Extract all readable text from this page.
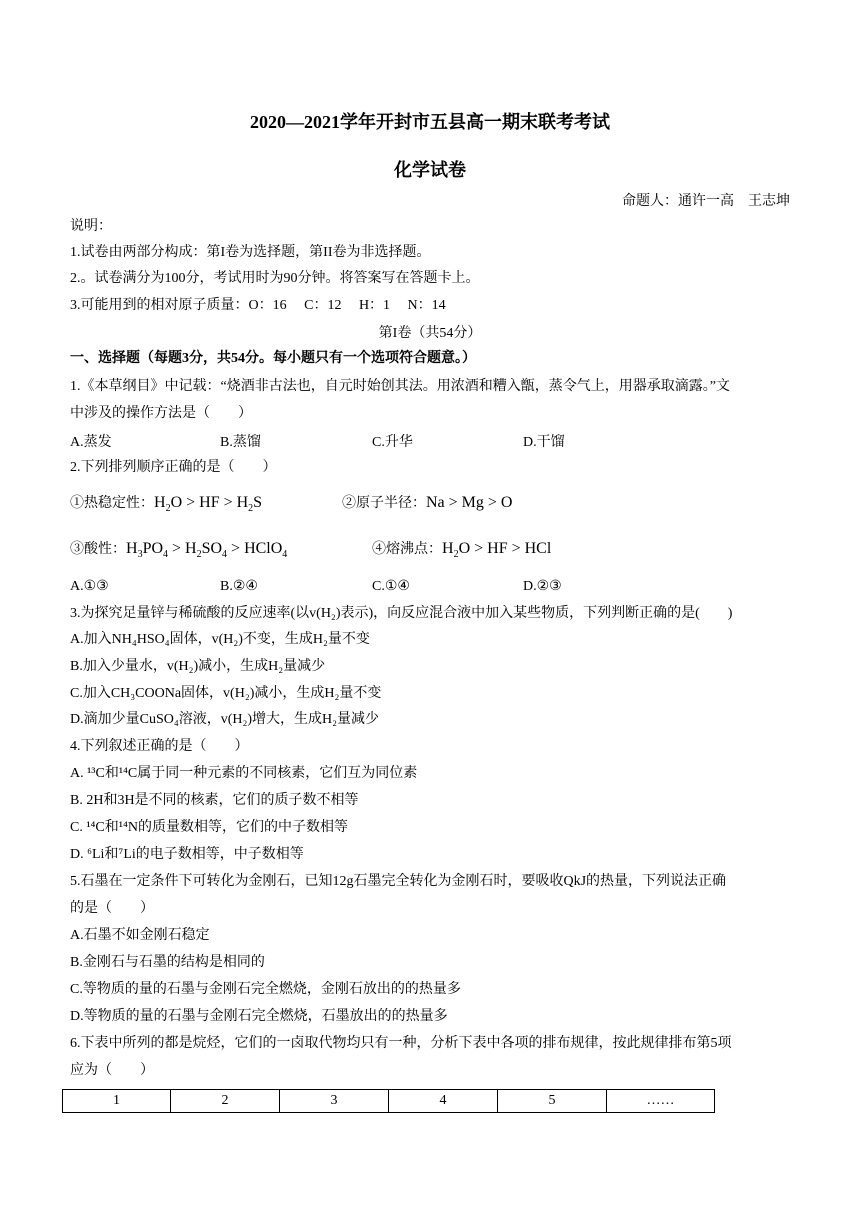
2020—2021学年开封市五县高一期末联考考试
化学试卷
命题人：通许一高　王志坤
说明：
1.试卷由两部分构成：第I卷为选择题，第II卷为非选择题。
2.。试卷满分为100分，考试用时为90分钟。将答案写在答题卡上。
3.可能用到的相对原子质量：O：16　 C：12　 H：1　 N：14
第I卷（共54分）
一、选择题（每题3分，共54分。每小题只有一个选项符合题意。）
1.《本草纲目》中记载：“烧酒非古法也，自元时始创其法。用浓酒和糟入甑，蒸令气上，用器承取滴露。”文
中涉及的操作方法是（　　）
A.蒸发	B.蒸馏	C.升华	D.干馏
2.下列排列顺序正确的是（　　）
①热稳定性：$H_2O$ > HF > $H_2S$	②原子半径：Na > Mg > O
③酸性：$H_3PO_4 > H_2SO_4$ > HClO$_4$	④熔沸点：$H_2O$ > HF > HCl
A.①③	B.②④	C.①④	D.②③
3.为探究足量锌与稀硫酸的反应速率(以v(H₂)表示)，向反应混合液中加入某些物质，下列判断正确的是(　　)
A.加入NH₄HSO₄固体，v(H₂)不变，生成H₂量不变
B.加入少量水，v(H₂)减小，生成H₂量减少
C.加入CH₃COONa固体，v(H₂)减小，生成H₂量不变
D.滴加少量CuSO₄溶液，v(H₂)增大，生成H₂量减少
4.下列叙述正确的是（　　）
A. ¹³C和¹⁴C属于同一种元素的不同核素，它们互为同位素
B. 2H和3H是不同的核素，它们的质子数不相等
C. ¹⁴C和¹⁴N的质量数相等，它们的中子数相等
D. ⁶Li和⁷Li的电子数相等，中子数相等
5.石墨在一定条件下可转化为金刚石，已知12g石墨完全转化为金刚石时，要吸收QkJ的热量，下列说法正确
的是（　　）
A.石墨不如金刚石稳定
B.金刚石与石墨的结构是相同的
C.等物质的量的石墨与金刚石完全燃烧，金刚石放出的的热量多
D.等物质的量的石墨与金刚石完全燃烧，石墨放出的的热量多
6.下表中所列的都是烷烃，它们的一卤取代物均只有一种，分析下表中各项的排布规律，按此规律排布第5项
应为（　　）
1	2	3	4	5	……
